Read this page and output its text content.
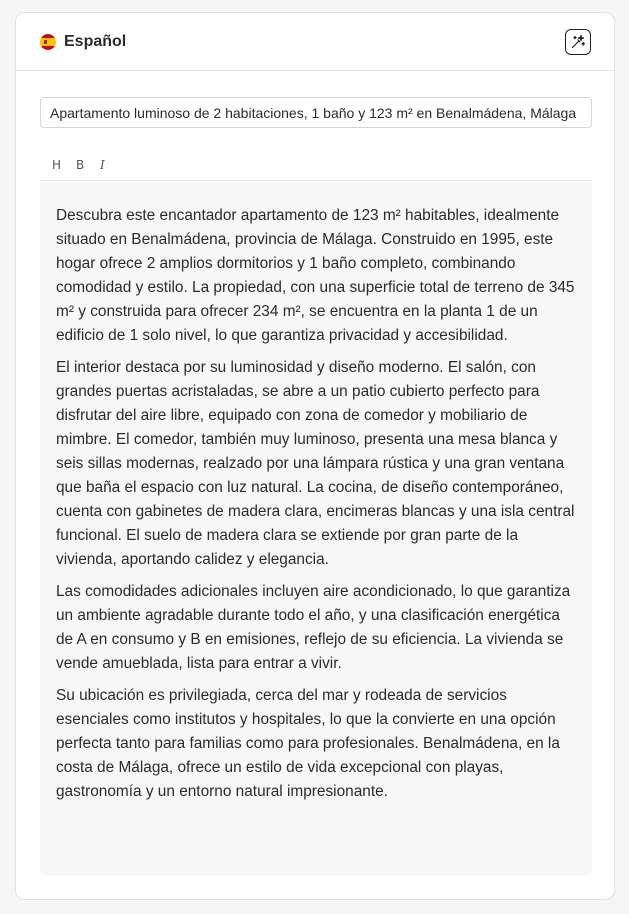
Español
Apartamento luminoso de 2 habitaciones, 1 baño y 123 m² en Benalmádena, Málaga
H	B	I

Descubra este encantador apartamento de 123 m² habitables, idealmente situado en Benalmádena, provincia de Málaga. Construido en 1995, este hogar ofrece 2 amplios dormitorios y 1 baño completo, combinando comodidad y estilo. La propiedad, con una superficie total de terreno de 345 m² y construida para ofrecer 234 m², se encuentra en la planta 1 de un edificio de 1 solo nivel, lo que garantiza privacidad y accesibilidad.

El interior destaca por su luminosidad y diseño moderno. El salón, con grandes puertas acristaladas, se abre a un patio cubierto perfecto para disfrutar del aire libre, equipado con zona de comedor y mobiliario de mimbre. El comedor, también muy luminoso, presenta una mesa blanca y seis sillas modernas, realzado por una lámpara rústica y una gran ventana que baña el espacio con luz natural. La cocina, de diseño contemporáneo, cuenta con gabinetes de madera clara, encimeras blancas y una isla central funcional. El suelo de madera clara se extiende por gran parte de la vivienda, aportando calidez y elegancia.

Las comodidades adicionales incluyen aire acondicionado, lo que garantiza un ambiente agradable durante todo el año, y una clasificación energética de A en consumo y B en emisiones, reflejo de su eficiencia. La vivienda se vende amueblada, lista para entrar a vivir.

Su ubicación es privilegiada, cerca del mar y rodeada de servicios esenciales como institutos y hospitales, lo que la convierte en una opción perfecta tanto para familias como para profesionales. Benalmádena, en la costa de Málaga, ofrece un estilo de vida excepcional con playas, gastronomía y un entorno natural impresionante.
